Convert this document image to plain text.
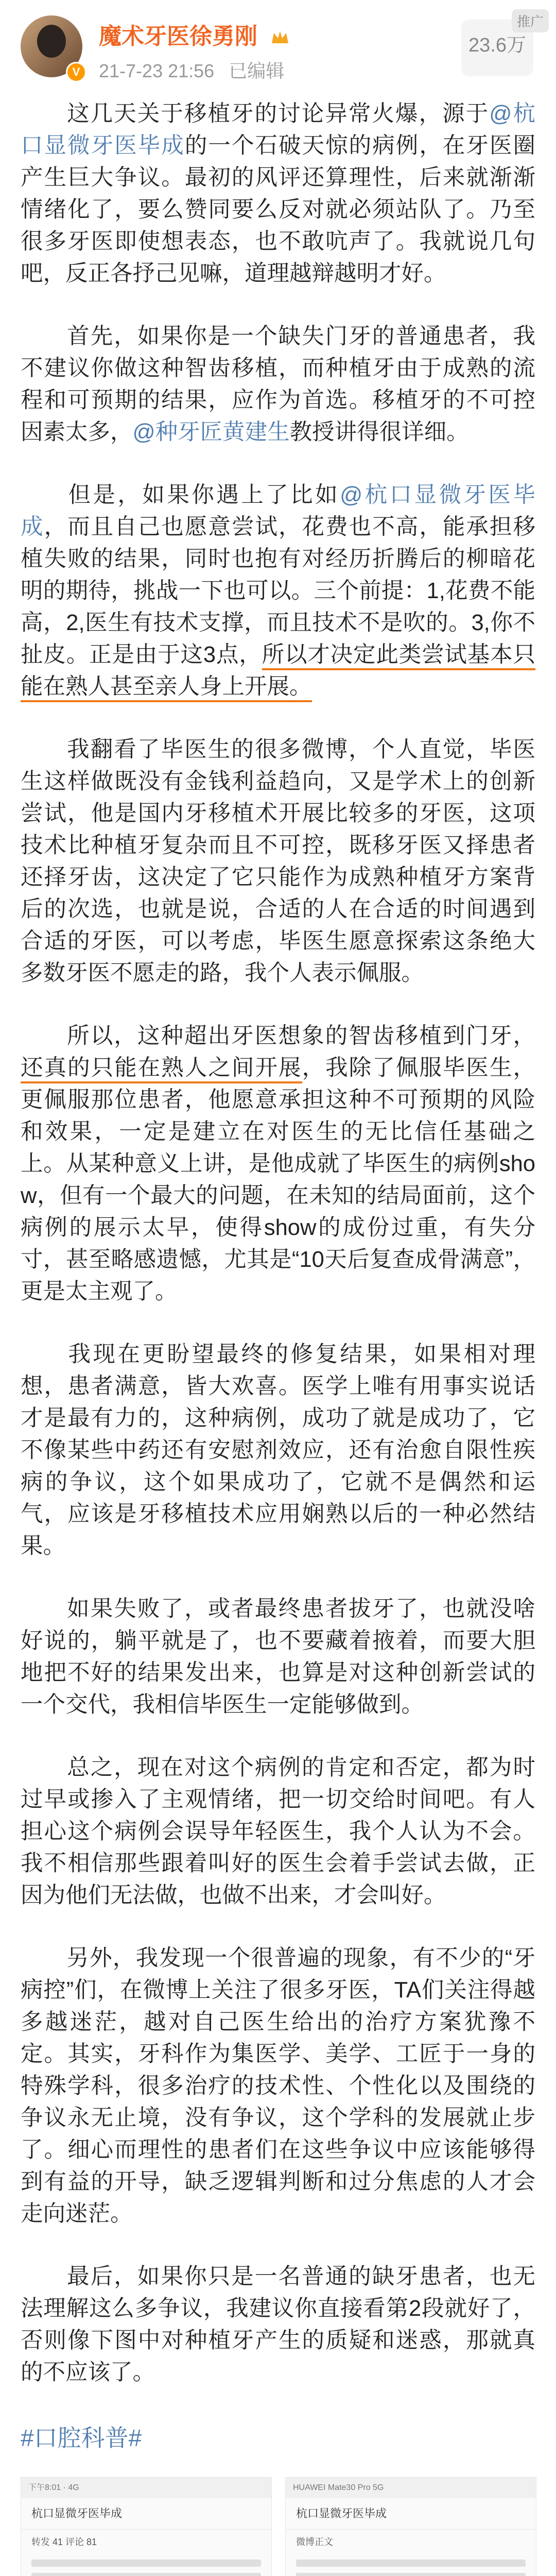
V
魔术牙医徐勇刚
21-7-23 21:56 已编辑
23.6万
推广

这几天关于移植牙的讨论异常火爆，源于@杭口显微牙医毕成的一个石破天惊的病例，在牙医圈产生巨大争议。最初的风评还算理性，后来就渐渐情绪化了，要么赞同要么反对就必须站队了。乃至很多牙医即使想表态，也不敢吭声了。我就说几句吧，反正各抒己见嘛，道理越辩越明才好。

首先，如果你是一个缺失门牙的普通患者，我不建议你做这种智齿移植，而种植牙由于成熟的流程和可预期的结果，应作为首选。移植牙的不可控因素太多，@种牙匠黄建生教授讲得很详细。

但是，如果你遇上了比如@杭口显微牙医毕成，而且自己也愿意尝试，花费也不高，能承担移植失败的结果，同时也抱有对经历折腾后的柳暗花明的期待，挑战一下也可以。三个前提：1,花费不能高，2,医生有技术支撑，而且技术不是吹的。3,你不扯皮。正是由于这3点，所以才决定此类尝试基本只能在熟人甚至亲人身上开展。

我翻看了毕医生的很多微博，个人直觉，毕医生这样做既没有金钱利益趋向，又是学术上的创新尝试，他是国内牙移植术开展比较多的牙医，这项技术比种植牙复杂而且不可控，既移牙医又择患者还择牙齿，这决定了它只能作为成熟种植牙方案背后的次选，也就是说，合适的人在合适的时间遇到合适的牙医，可以考虑，毕医生愿意探索这条绝大多数牙医不愿走的路，我个人表示佩服。

所以，这种超出牙医想象的智齿移植到门牙，还真的只能在熟人之间开展，我除了佩服毕医生，更佩服那位患者，他愿意承担这种不可预期的风险和效果，一定是建立在对医生的无比信任基础之上。从某种意义上讲，是他成就了毕医生的病例show，但有一个最大的问题，在未知的结局面前，这个病例的展示太早，使得show的成份过重，有失分寸，甚至略感遗憾，尤其是“10天后复查成骨满意”，更是太主观了。

我现在更盼望最终的修复结果，如果相对理想，患者满意，皆大欢喜。医学上唯有用事实说话才是最有力的，这种病例，成功了就是成功了，它不像某些中药还有安慰剂效应，还有治愈自限性疾病的争议，这个如果成功了，它就不是偶然和运气，应该是牙移植技术应用娴熟以后的一种必然结果。

如果失败了，或者最终患者拔牙了，也就没啥好说的，躺平就是了，也不要藏着掖着，而要大胆地把不好的结果发出来，也算是对这种创新尝试的一个交代，我相信毕医生一定能够做到。

总之，现在对这个病例的肯定和否定，都为时过早或掺入了主观情绪，把一切交给时间吧。有人担心这个病例会误导年轻医生，我个人认为不会。我不相信那些跟着叫好的医生会着手尝试去做，正因为他们无法做，也做不出来，才会叫好。

另外，我发现一个很普遍的现象，有不少的“牙病控”们，在微博上关注了很多牙医，TA们关注得越多越迷茫，越对自己医生给出的治疗方案犹豫不定。其实，牙科作为集医学、美学、工匠于一身的特殊学科，很多治疗的技术性、个性化以及围绕的争议永无止境，没有争议，这个学科的发展就止步了。细心而理性的患者们在这些争议中应该能够得到有益的开导，缺乏逻辑判断和过分焦虑的人才会走向迷茫。

最后，如果你只是一名普通的缺牙患者，也无法理解这么多争议，我建议你直接看第2段就好了，否则像下图中对种植牙产生的质疑和迷惑，那就真的不应该了。

#口腔科普#
下午8:01 · 4G
杭口显微牙医毕成
转发 41 评论 81
HUAWEI Mate30 Pro 5G
杭口显微牙医毕成
微博正文
